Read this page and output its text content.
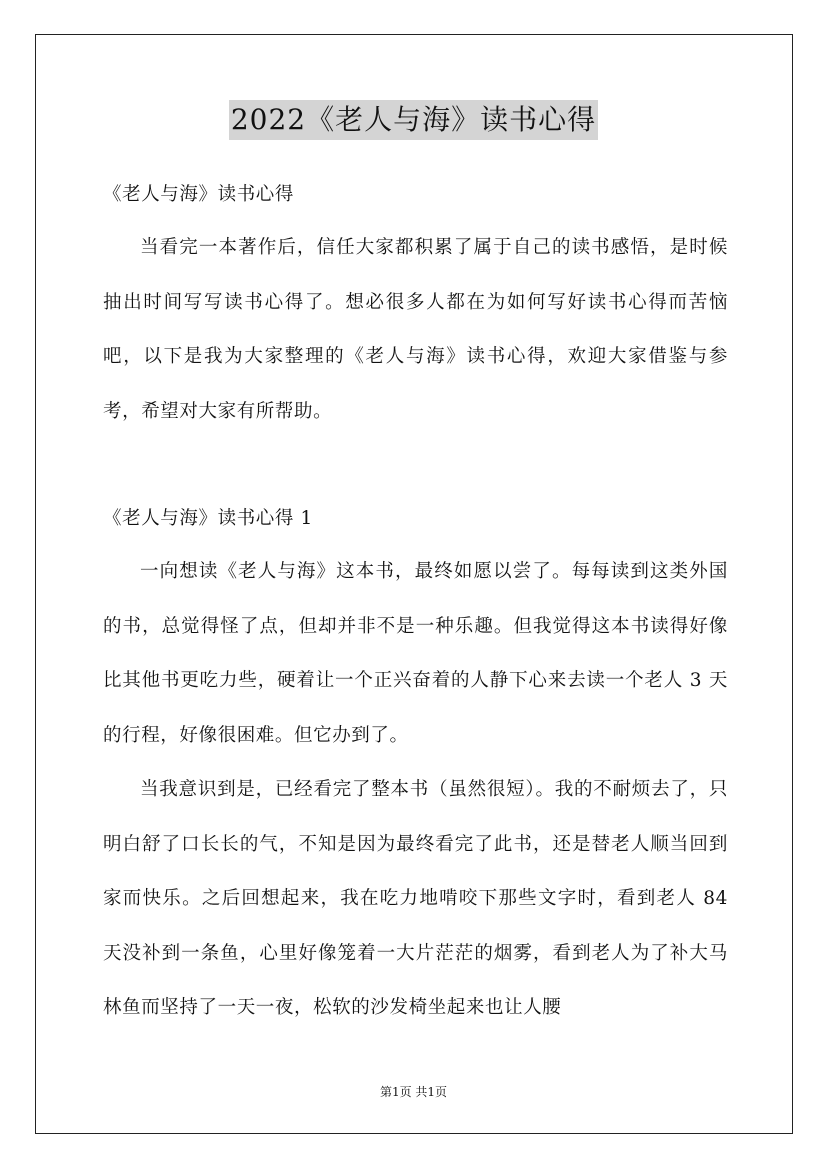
2022《老人与海》读书心得
《老人与海》读书心得
当看完一本著作后，信任大家都积累了属于自己的读书感悟，是时候抽出时间写写读书心得了。想必很多人都在为如何写好读书心得而苦恼吧，以下是我为大家整理的《老人与海》读书心得，欢迎大家借鉴与参考，希望对大家有所帮助。
《老人与海》读书心得 1
一向想读《老人与海》这本书，最终如愿以尝了。每每读到这类外国的书，总觉得怪了点，但却并非不是一种乐趣。但我觉得这本书读得好像比其他书更吃力些，硬着让一个正兴奋着的人静下心来去读一个老人 3 天的行程，好像很困难。但它办到了。
当我意识到是，已经看完了整本书（虽然很短）。我的不耐烦去了，只明白舒了口长长的气，不知是因为最终看完了此书，还是替老人顺当回到家而快乐。之后回想起来，我在吃力地啃咬下那些文字时，看到老人 84 天没补到一条鱼，心里好像笼着一大片茫茫的烟雾，看到老人为了补大马林鱼而坚持了一天一夜，松软的沙发椅坐起来也让人腰
第1页 共1页
